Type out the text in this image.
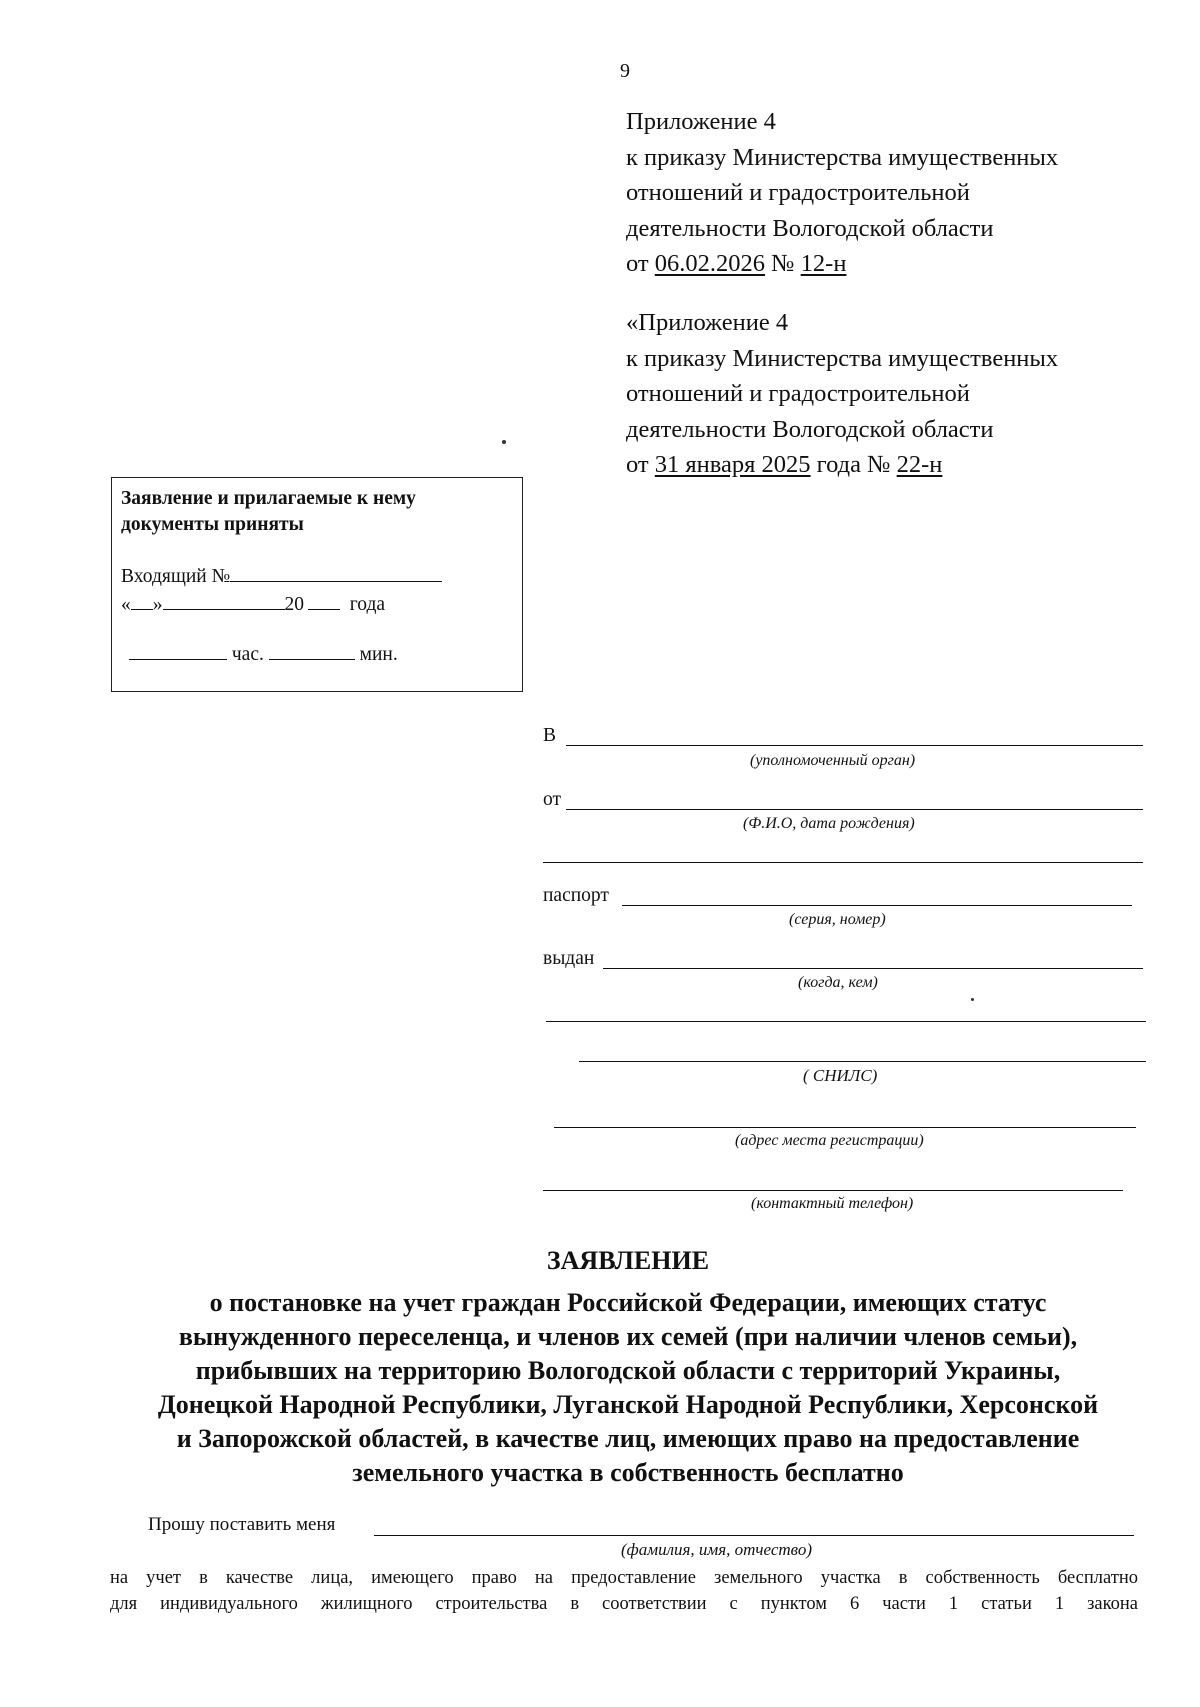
9
Приложение 4
к приказу Министерства имущественных
отношений и градостроительной
деятельности Вологодской области
от 06.02.2026 № 12-н
«Приложение 4
к приказу Министерства имущественных
отношений и градостроительной
деятельности Вологодской области
от 31 января 2025 года № 22-н
Заявление и прилагаемые к нему документы приняты
Входящий №
« »	20 года
час.	мин.
В
(уполномоченный орган)
от
(Ф.И.О, дата рождения)
паспорт
(серия, номер)
выдан
(когда, кем)
( СНИЛС)
(адрес места регистрации)
(контактный телефон)
ЗАЯВЛЕНИЕ
о постановке на учет граждан Российской Федерации, имеющих статус
вынужденного переселенца, и членов их семей (при наличии членов семьи),
прибывших на территорию Вологодской области с территорий Украины,
Донецкой Народной Республики, Луганской Народной Республики, Херсонской
и Запорожской областей, в качестве лиц, имеющих право на предоставление
земельного участка в собственность бесплатно
Прошу поставить меня
(фамилия, имя, отчество)
на учет в качестве лица, имеющего право на предоставление земельного участка в собственность бесплатно
для индивидуального жилищного строительства в соответствии с пунктом 6 части 1 статьи 1 закона
